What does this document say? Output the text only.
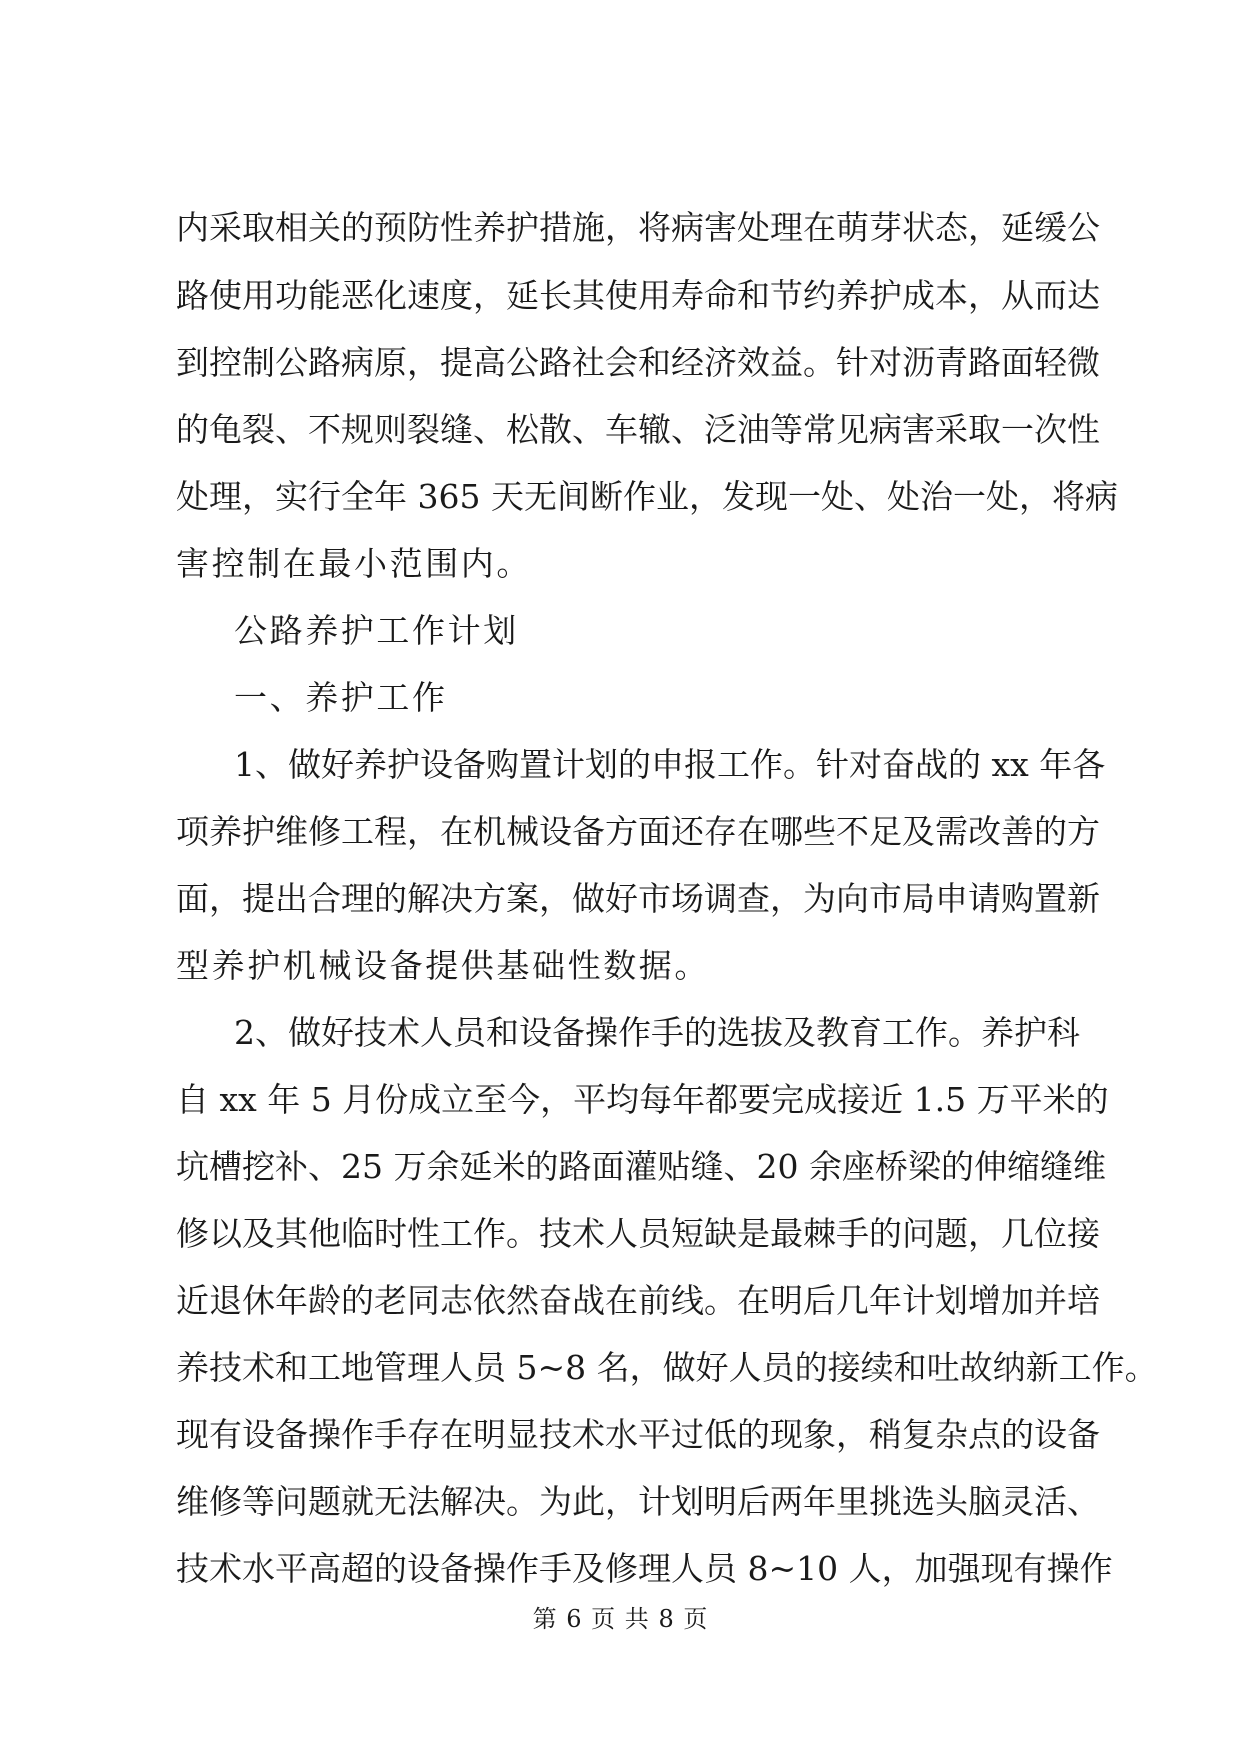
内采取相关的预防性养护措施，将病害处理在萌芽状态，延缓公
路使用功能恶化速度，延长其使用寿命和节约养护成本，从而达
到控制公路病原，提高公路社会和经济效益。针对沥青路面轻微
的龟裂、不规则裂缝、松散、车辙、泛油等常见病害采取一次性
处理，实行全年 365 天无间断作业，发现一处、处治一处，将病
害控制在最小范围内。
公路养护工作计划
一、养护工作
1、做好养护设备购置计划的申报工作。针对奋战的 xx 年各
项养护维修工程，在机械设备方面还存在哪些不足及需改善的方
面，提出合理的解决方案，做好市场调查，为向市局申请购置新
型养护机械设备提供基础性数据。
2、做好技术人员和设备操作手的选拔及教育工作。养护科
自 xx 年 5 月份成立至今，平均每年都要完成接近 1.5 万平米的
坑槽挖补、25 万余延米的路面灌贴缝、20 余座桥梁的伸缩缝维
修以及其他临时性工作。技术人员短缺是最棘手的问题，几位接
近退休年龄的老同志依然奋战在前线。在明后几年计划增加并培
养技术和工地管理人员 5~8 名，做好人员的接续和吐故纳新工作。
现有设备操作手存在明显技术水平过低的现象，稍复杂点的设备
维修等问题就无法解决。为此，计划明后两年里挑选头脑灵活、
技术水平高超的设备操作手及修理人员 8~10 人，加强现有操作
第 6 页 共 8 页
